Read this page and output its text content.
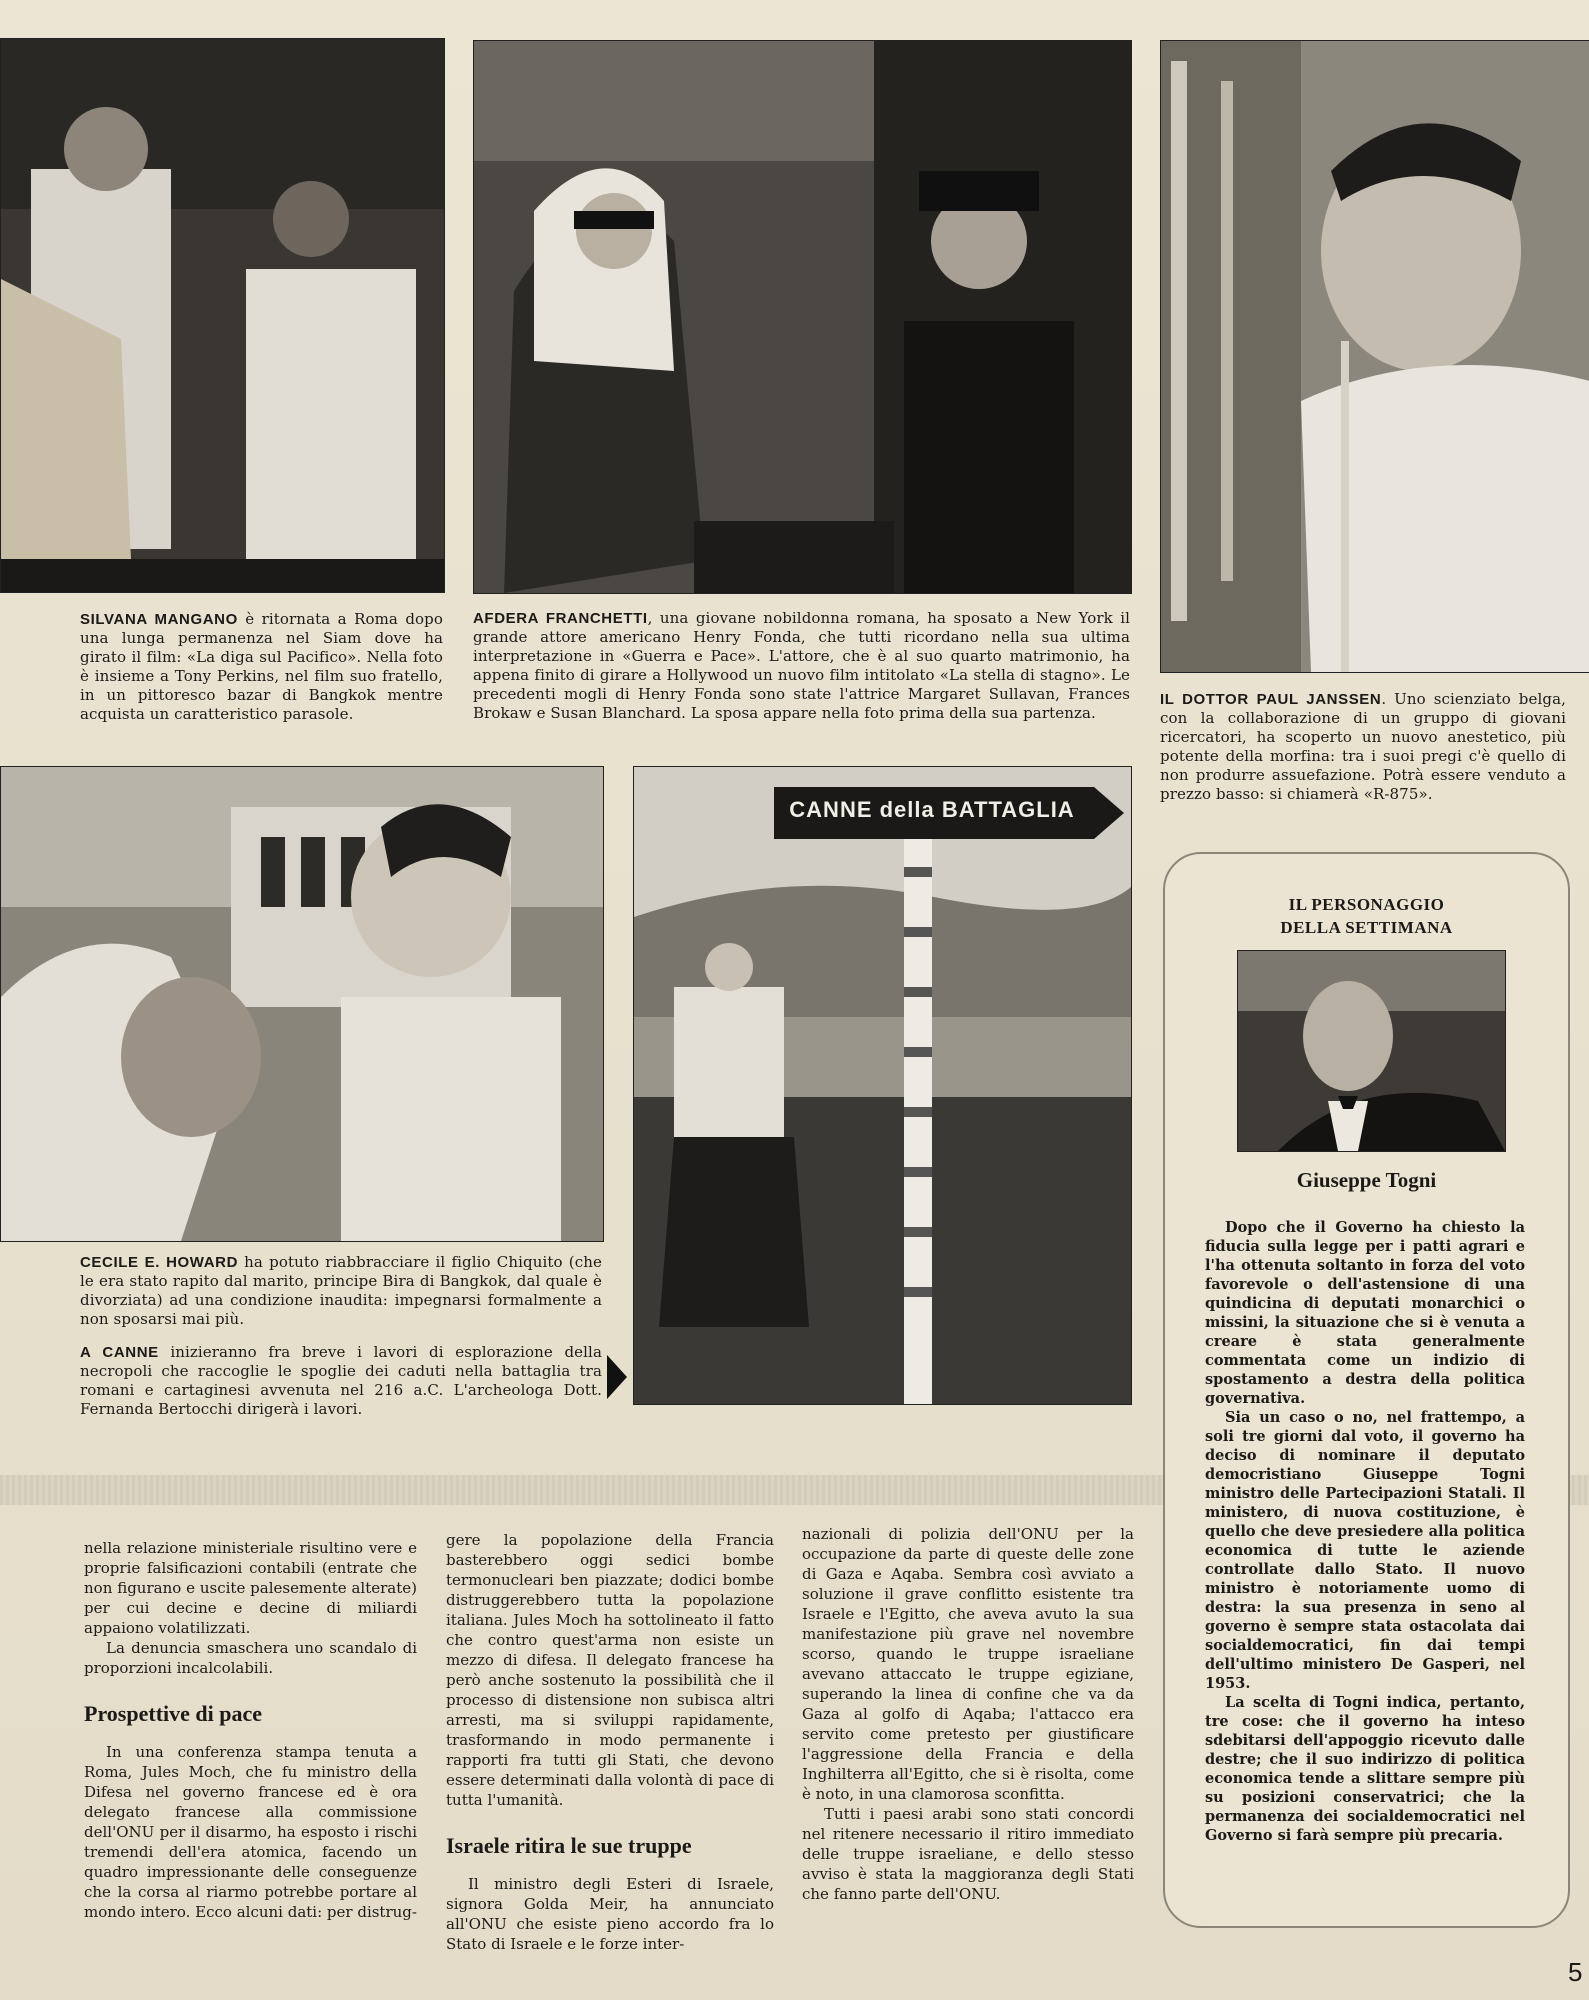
SILVANA MANGANO è ritornata a Roma dopo una lunga permanenza nel Siam dove ha girato il film: «La diga sul Pacifico». Nella foto è insieme a Tony Perkins, nel film suo fratello, in un pittoresco bazar di Bangkok mentre acquista un caratteristico parasole.
AFDERA FRANCHETTI, una giovane nobildonna romana, ha sposato a New York il grande attore americano Henry Fonda, che tutti ricordano nella sua ultima interpretazione in «Guerra e Pace». L'attore, che è al suo quarto matrimonio, ha appena finito di girare a Hollywood un nuovo film intitolato «La stella di stagno». Le precedenti mogli di Henry Fonda sono state l'attrice Margaret Sullavan, Frances Brokaw e Susan Blanchard. La sposa appare nella foto prima della sua partenza.
IL DOTTOR PAUL JANSSEN. Uno scienziato belga, con la collaborazione di un gruppo di giovani ricercatori, ha scoperto un nuovo anestetico, più potente della morfina: tra i suoi pregi c'è quello di non produrre assuefazione. Potrà essere venduto a prezzo basso: si chiamerà «R-875».
CECILE E. HOWARD ha potuto riabbracciare il figlio Chiquito (che le era stato rapito dal marito, principe Bira di Bangkok, dal quale è divorziata) ad una condizione inaudita: impegnarsi formalmente a non sposarsi mai più.
A CANNE inizieranno fra breve i lavori di esplorazione della necropoli che raccoglie le spoglie dei caduti nella battaglia tra romani e cartaginesi avvenuta nel 216 a.C. L'archeologa Dott. Fernanda Bertocchi dirigerà i lavori.
CANNE della BATTAGLIA
IL PERSONAGGIO
DELLA SETTIMANA
Giuseppe Togni

Dopo che il Governo ha chiesto la fiducia sulla legge per i patti agrari e l'ha ottenuta soltanto in forza del voto favorevole o dell'astensione di una quindicina di deputati monarchici o missini, la situazione che si è venuta a creare è stata generalmente commentata come un indizio di spostamento a destra della politica governativa.

Sia un caso o no, nel frattempo, a soli tre giorni dal voto, il governo ha deciso di nominare il deputato democristiano Giuseppe Togni ministro delle Partecipazioni Statali. Il ministero, di nuova costituzione, è quello che deve presiedere alla politica economica di tutte le aziende controllate dallo Stato. Il nuovo ministro è notoriamente uomo di destra: la sua presenza in seno al governo è sempre stata ostacolata dai socialdemocratici, fin dai tempi dell'ultimo ministero De Gasperi, nel 1953.

La scelta di Togni indica, pertanto, tre cose: che il governo ha inteso sdebitarsi dell'appoggio ricevuto dalle destre; che il suo indirizzo di politica economica tende a slittare sempre più su posizioni conservatrici; che la permanenza dei socialdemocratici nel Governo si farà sempre più precaria.

nella relazione ministeriale risultino vere e proprie falsificazioni contabili (entrate che non figurano e uscite palesemente alterate) per cui decine e decine di miliardi appaiono volatilizzati.

La denuncia smaschera uno scandalo di proporzioni incalcolabili.

Prospettive di pace

In una conferenza stampa tenuta a Roma, Jules Moch, che fu ministro della Difesa nel governo francese ed è ora delegato francese alla commissione dell'ONU per il disarmo, ha esposto i rischi tremendi dell'era atomica, facendo un quadro impressionante delle conseguenze che la corsa al riarmo potrebbe portare al mondo intero. Ecco alcuni dati: per distrug-

gere la popolazione della Francia basterebbero oggi sedici bombe termonucleari ben piazzate; dodici bombe distruggerebbero tutta la popolazione italiana. Jules Moch ha sottolineato il fatto che contro quest'arma non esiste un mezzo di difesa. Il delegato francese ha però anche sostenuto la possibilità che il processo di distensione non subisca altri arresti, ma si sviluppi rapidamente, trasformando in modo permanente i rapporti fra tutti gli Stati, che devono essere determinati dalla volontà di pace di tutta l'umanità.

Israele ritira le sue truppe

Il ministro degli Esteri di Israele, signora Golda Meir, ha annunciato all'ONU che esiste pieno accordo fra lo Stato di Israele e le forze inter-

nazionali di polizia dell'ONU per la occupazione da parte di queste delle zone di Gaza e Aqaba. Sembra così avviato a soluzione il grave conflitto esistente tra Israele e l'Egitto, che aveva avuto la sua manifestazione più grave nel novembre scorso, quando le truppe israeliane avevano attaccato le truppe egiziane, superando la linea di confine che va da Gaza al golfo di Aqaba; l'attacco era servito come pretesto per giustificare l'aggressione della Francia e della Inghilterra all'Egitto, che si è risolta, come è noto, in una clamorosa sconfitta.

Tutti i paesi arabi sono stati concordi nel ritenere necessario il ritiro immediato delle truppe israeliane, e dello stesso avviso è stata la maggioranza degli Stati che fanno parte dell'ONU.

5
